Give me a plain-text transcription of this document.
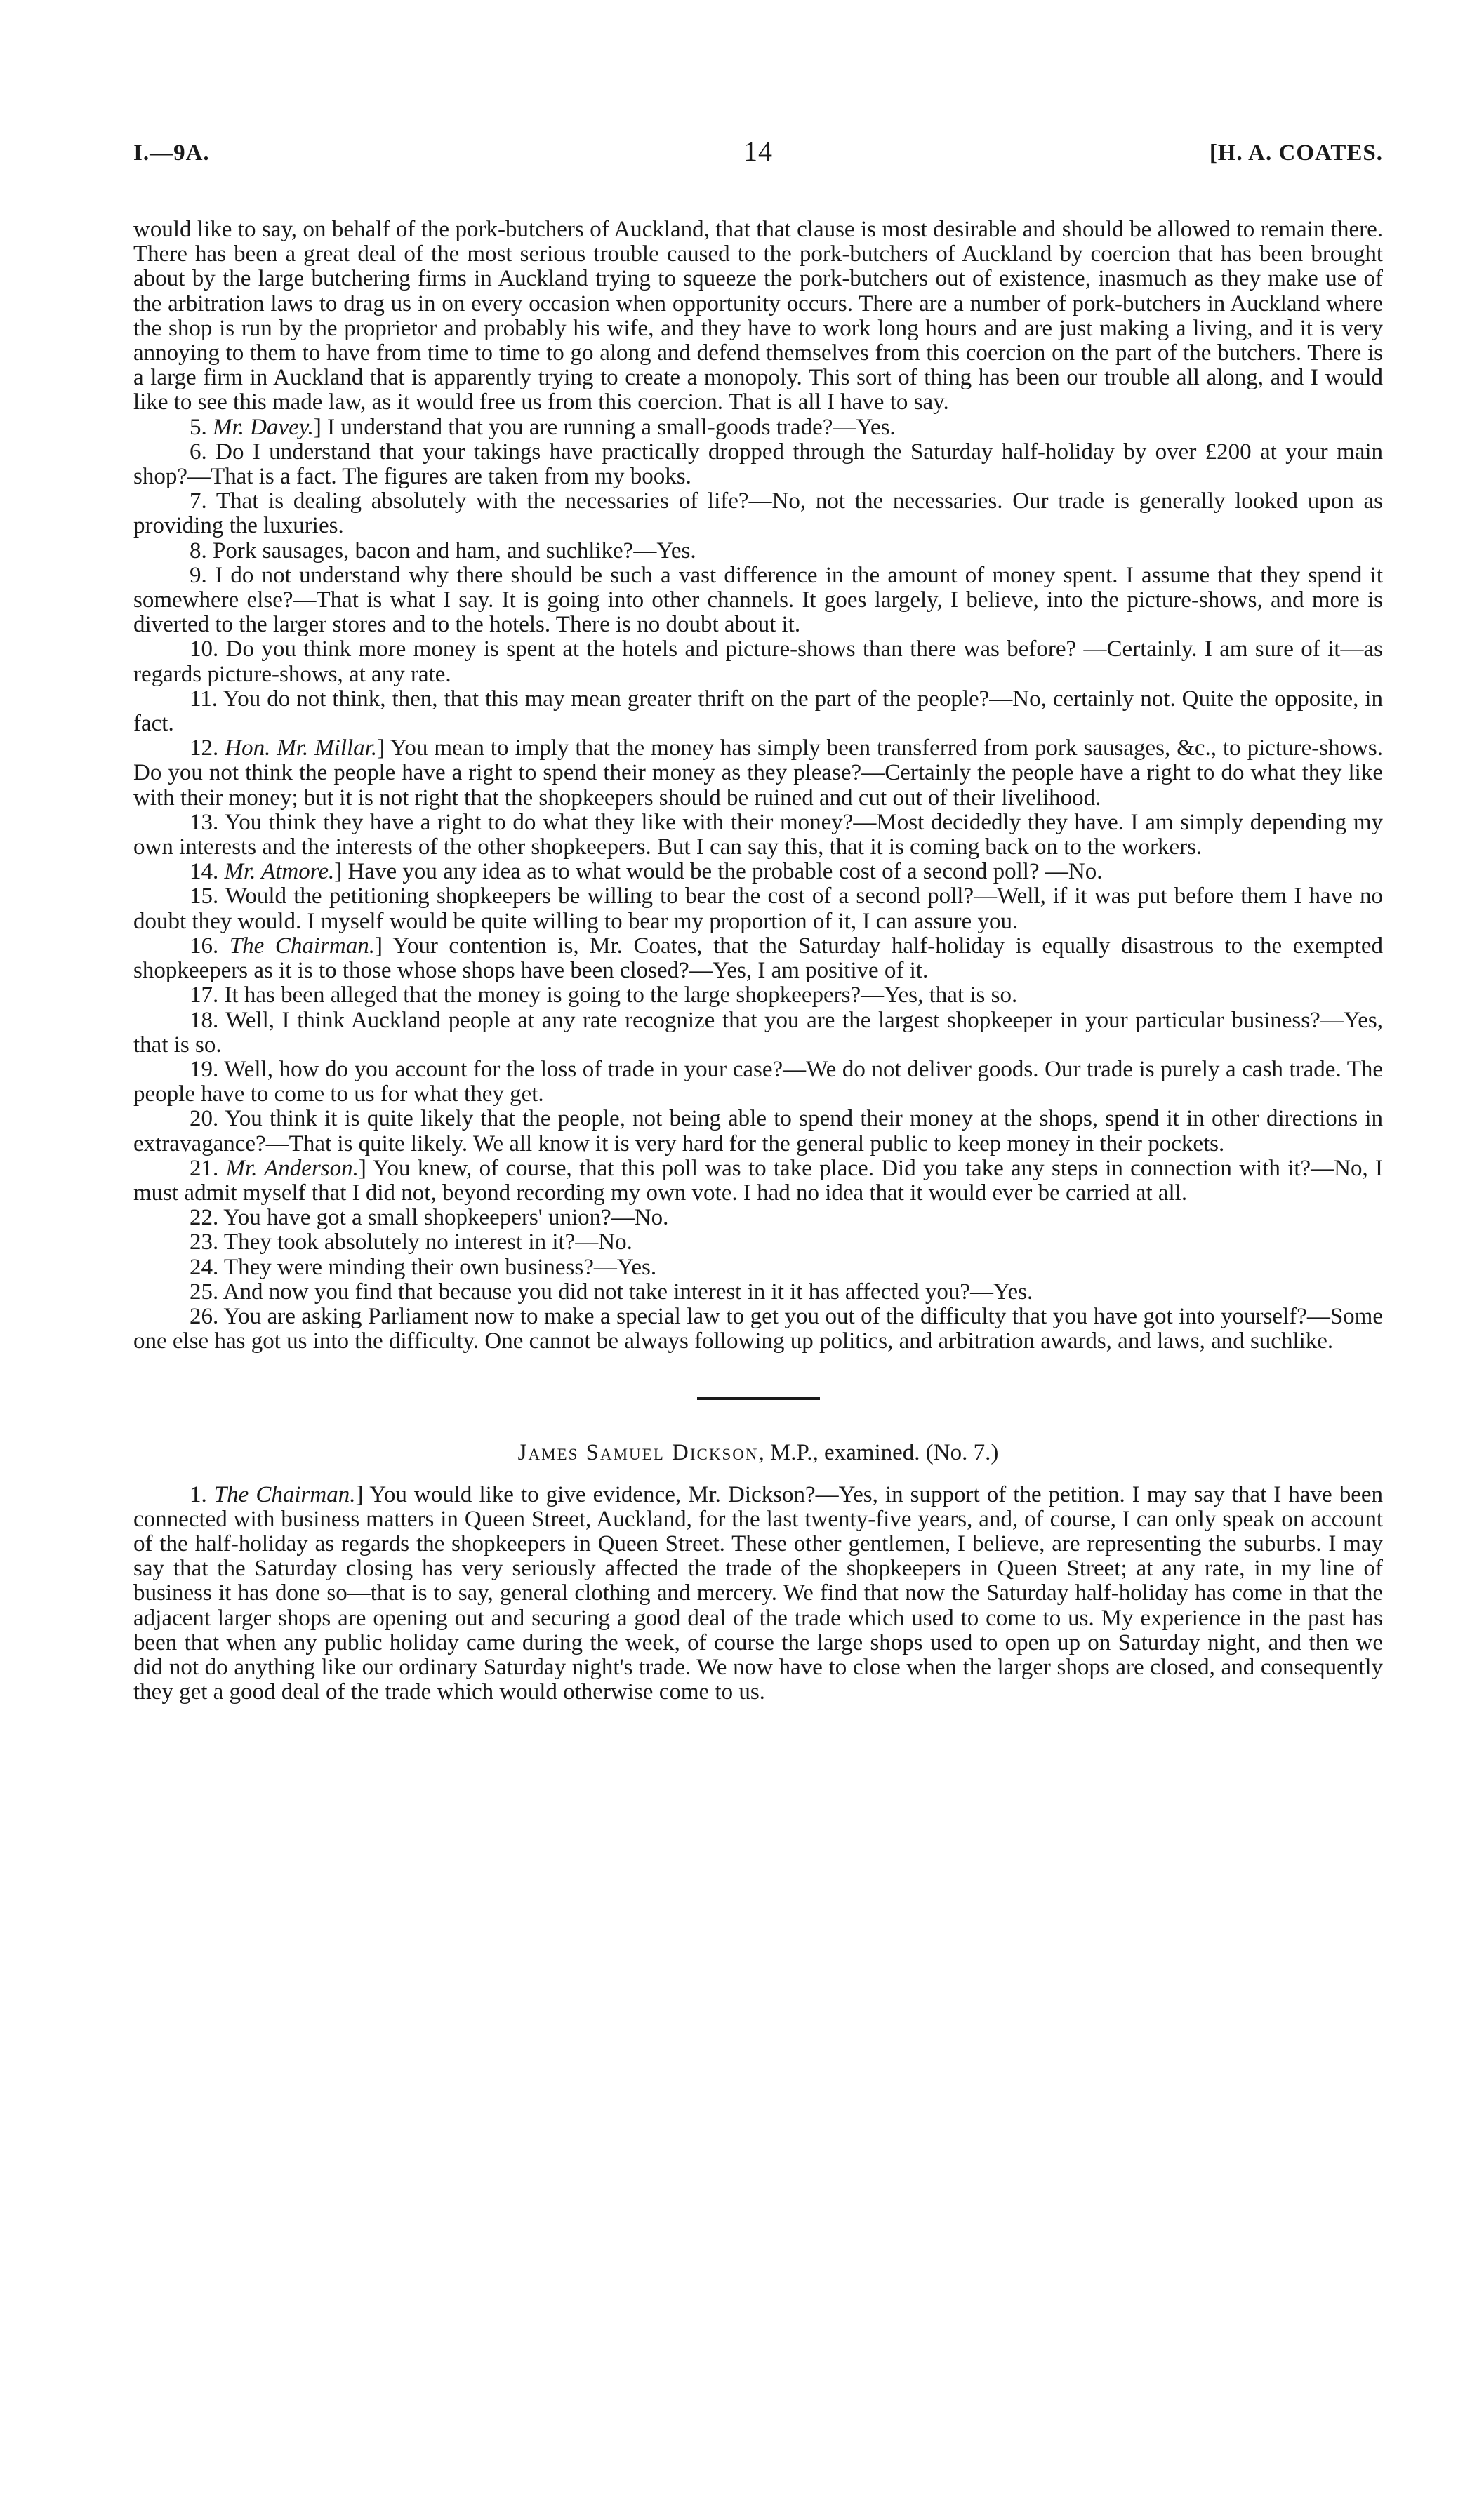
I.—9A.	14	[H. A. COATES.

would like to say, on behalf of the pork-butchers of Auckland, that that clause is most desirable and should be allowed to remain there. There has been a great deal of the most serious trouble caused to the pork-butchers of Auckland by coercion that has been brought about by the large butchering firms in Auckland trying to squeeze the pork-butchers out of existence, inasmuch as they make use of the arbitration laws to drag us in on every occasion when opportunity occurs. There are a number of pork-butchers in Auckland where the shop is run by the proprietor and probably his wife, and they have to work long hours and are just making a living, and it is very annoying to them to have from time to time to go along and defend themselves from this coercion on the part of the butchers. There is a large firm in Auckland that is apparently trying to create a monopoly. This sort of thing has been our trouble all along, and I would like to see this made law, as it would free us from this coercion. That is all I have to say.

5. Mr. Davey.] I understand that you are running a small-goods trade?—Yes.

6. Do I understand that your takings have practically dropped through the Saturday half-holiday by over £200 at your main shop?—That is a fact. The figures are taken from my books.

7. That is dealing absolutely with the necessaries of life?—No, not the necessaries. Our trade is generally looked upon as providing the luxuries.

8. Pork sausages, bacon and ham, and suchlike?—Yes.

9. I do not understand why there should be such a vast difference in the amount of money spent. I assume that they spend it somewhere else?—That is what I say. It is going into other channels. It goes largely, I believe, into the picture-shows, and more is diverted to the larger stores and to the hotels. There is no doubt about it.

10. Do you think more money is spent at the hotels and picture-shows than there was before? —Certainly. I am sure of it—as regards picture-shows, at any rate.

11. You do not think, then, that this may mean greater thrift on the part of the people?—No, certainly not. Quite the opposite, in fact.

12. Hon. Mr. Millar.] You mean to imply that the money has simply been transferred from pork sausages, &c., to picture-shows. Do you not think the people have a right to spend their money as they please?—Certainly the people have a right to do what they like with their money; but it is not right that the shopkeepers should be ruined and cut out of their livelihood.

13. You think they have a right to do what they like with their money?—Most decidedly they have. I am simply depending my own interests and the interests of the other shopkeepers. But I can say this, that it is coming back on to the workers.

14. Mr. Atmore.] Have you any idea as to what would be the probable cost of a second poll? —No.

15. Would the petitioning shopkeepers be willing to bear the cost of a second poll?—Well, if it was put before them I have no doubt they would. I myself would be quite willing to bear my proportion of it, I can assure you.

16. The Chairman.] Your contention is, Mr. Coates, that the Saturday half-holiday is equally disastrous to the exempted shopkeepers as it is to those whose shops have been closed?—Yes, I am positive of it.

17. It has been alleged that the money is going to the large shopkeepers?—Yes, that is so.

18. Well, I think Auckland people at any rate recognize that you are the largest shopkeeper in your particular business?—Yes, that is so.

19. Well, how do you account for the loss of trade in your case?—We do not deliver goods. Our trade is purely a cash trade. The people have to come to us for what they get.

20. You think it is quite likely that the people, not being able to spend their money at the shops, spend it in other directions in extravagance?—That is quite likely. We all know it is very hard for the general public to keep money in their pockets.

21. Mr. Anderson.] You knew, of course, that this poll was to take place. Did you take any steps in connection with it?—No, I must admit myself that I did not, beyond recording my own vote. I had no idea that it would ever be carried at all.

22. You have got a small shopkeepers' union?—No.

23. They took absolutely no interest in it?—No.

24. They were minding their own business?—Yes.

25. And now you find that because you did not take interest in it it has affected you?—Yes.

26. You are asking Parliament now to make a special law to get you out of the difficulty that you have got into yourself?—Some one else has got us into the difficulty. One cannot be always following up politics, and arbitration awards, and laws, and suchlike.

James Samuel Dickson, M.P., examined. (No. 7.)

1. The Chairman.] You would like to give evidence, Mr. Dickson?—Yes, in support of the petition. I may say that I have been connected with business matters in Queen Street, Auckland, for the last twenty-five years, and, of course, I can only speak on account of the half-holiday as regards the shopkeepers in Queen Street. These other gentlemen, I believe, are representing the suburbs. I may say that the Saturday closing has very seriously affected the trade of the shopkeepers in Queen Street; at any rate, in my line of business it has done so—that is to say, general clothing and mercery. We find that now the Saturday half-holiday has come in that the adjacent larger shops are opening out and securing a good deal of the trade which used to come to us. My experience in the past has been that when any public holiday came during the week, of course the large shops used to open up on Saturday night, and then we did not do anything like our ordinary Saturday night's trade. We now have to close when the larger shops are closed, and consequently they get a good deal of the trade which would otherwise come to us.
